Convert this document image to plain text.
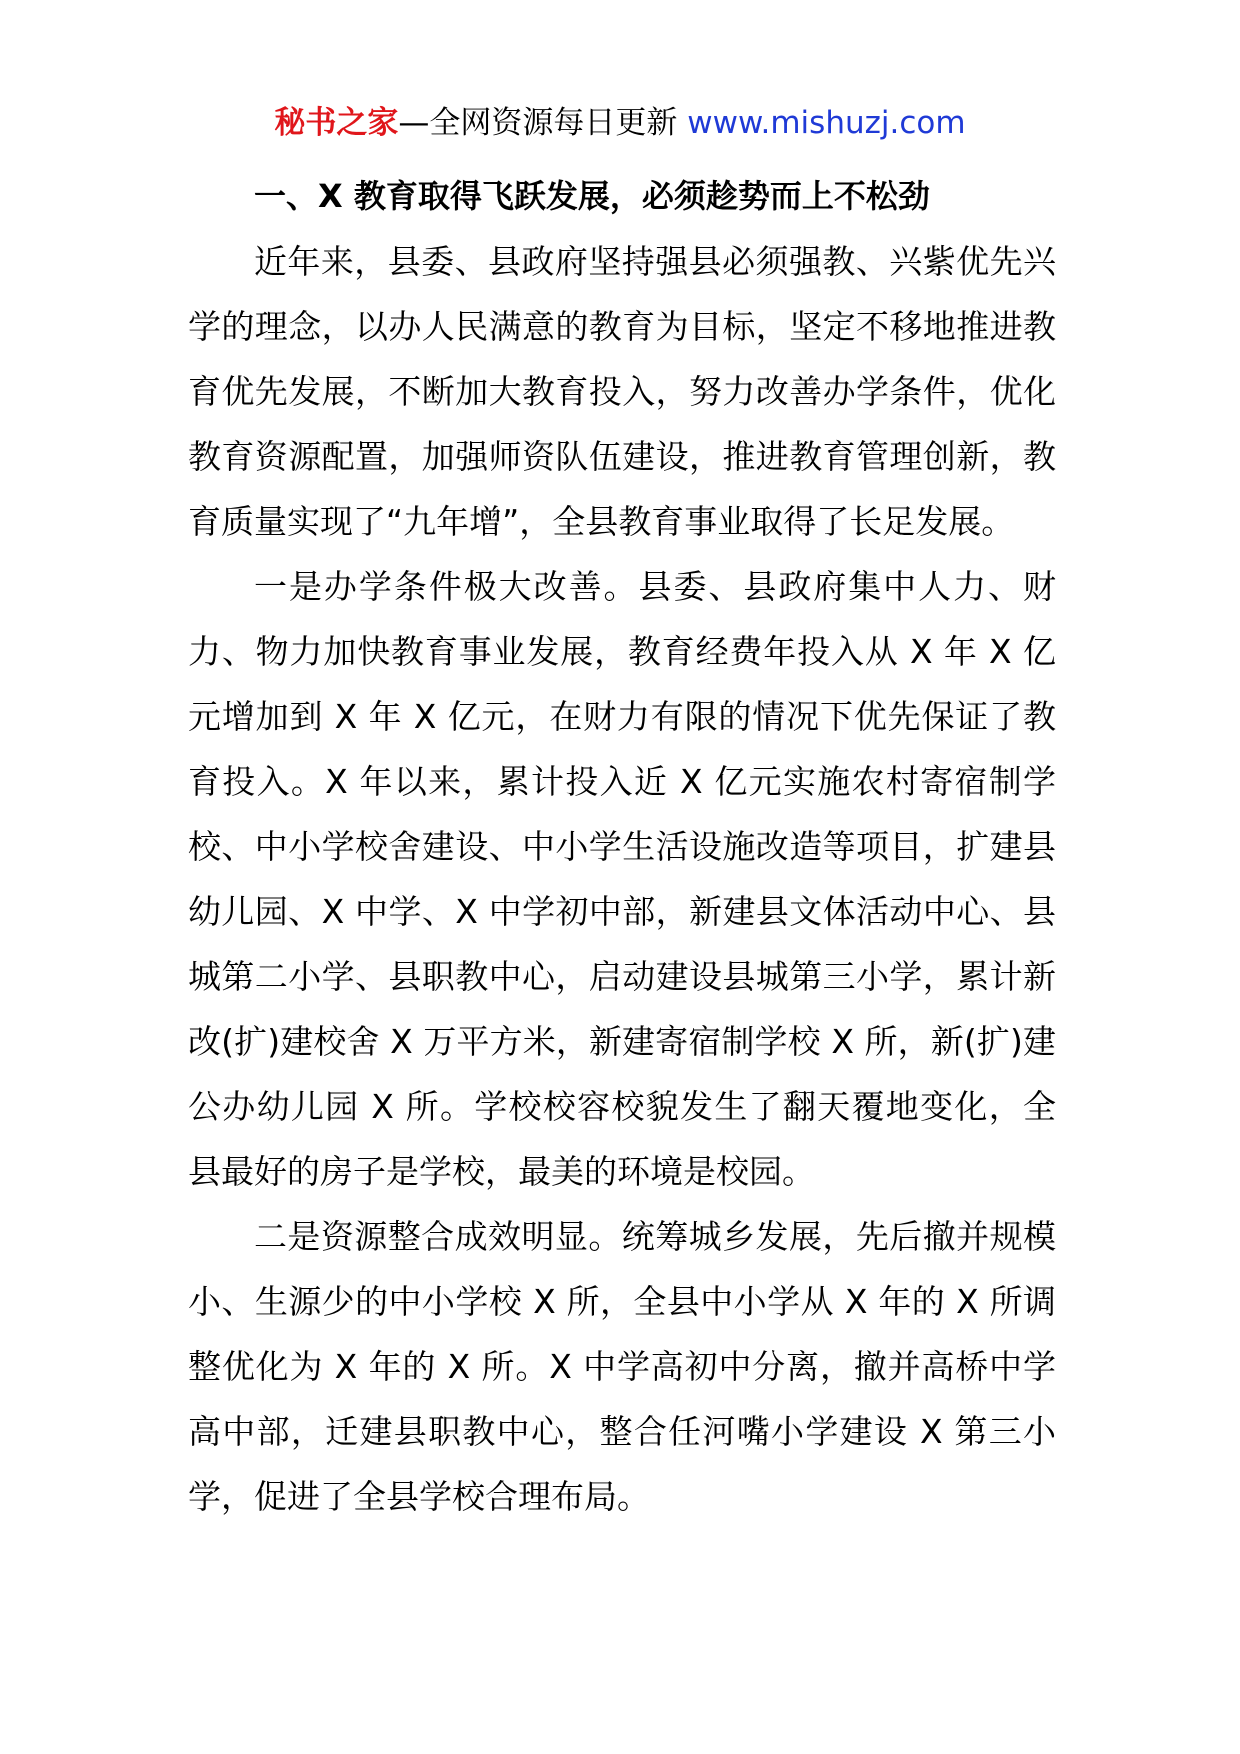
秘书之家—全网资源每日更新 www.mishuzj.com

一、X 教育取得飞跃发展，必须趁势而上不松劲

近年来，县委、县政府坚持强县必须强教、兴紫优先兴学的理念，以办人民满意的教育为目标，坚定不移地推进教育优先发展，不断加大教育投入，努力改善办学条件，优化教育资源配置，加强师资队伍建设，推进教育管理创新，教育质量实现了“九年增”，全县教育事业取得了长足发展。

一是办学条件极大改善。县委、县政府集中人力、财力、物力加快教育事业发展，教育经费年投入从 X 年 X 亿元增加到 X 年 X 亿元，在财力有限的情况下优先保证了教育投入。X 年以来，累计投入近 X 亿元实施农村寄宿制学校、中小学校舍建设、中小学生活设施改造等项目，扩建县幼儿园、X 中学、X 中学初中部，新建县文体活动中心、县城第二小学、县职教中心，启动建设县城第三小学，累计新改(扩)建校舍 X 万平方米，新建寄宿制学校 X 所，新(扩)建公办幼儿园 X 所。学校校容校貌发生了翻天覆地变化，全县最好的房子是学校，最美的环境是校园。

二是资源整合成效明显。统筹城乡发展，先后撤并规模小、生源少的中小学校 X 所，全县中小学从 X 年的 X 所调整优化为 X 年的 X 所。X 中学高初中分离，撤并高桥中学高中部，迁建县职教中心，整合任河嘴小学建设 X 第三小学，促进了全县学校合理布局。
